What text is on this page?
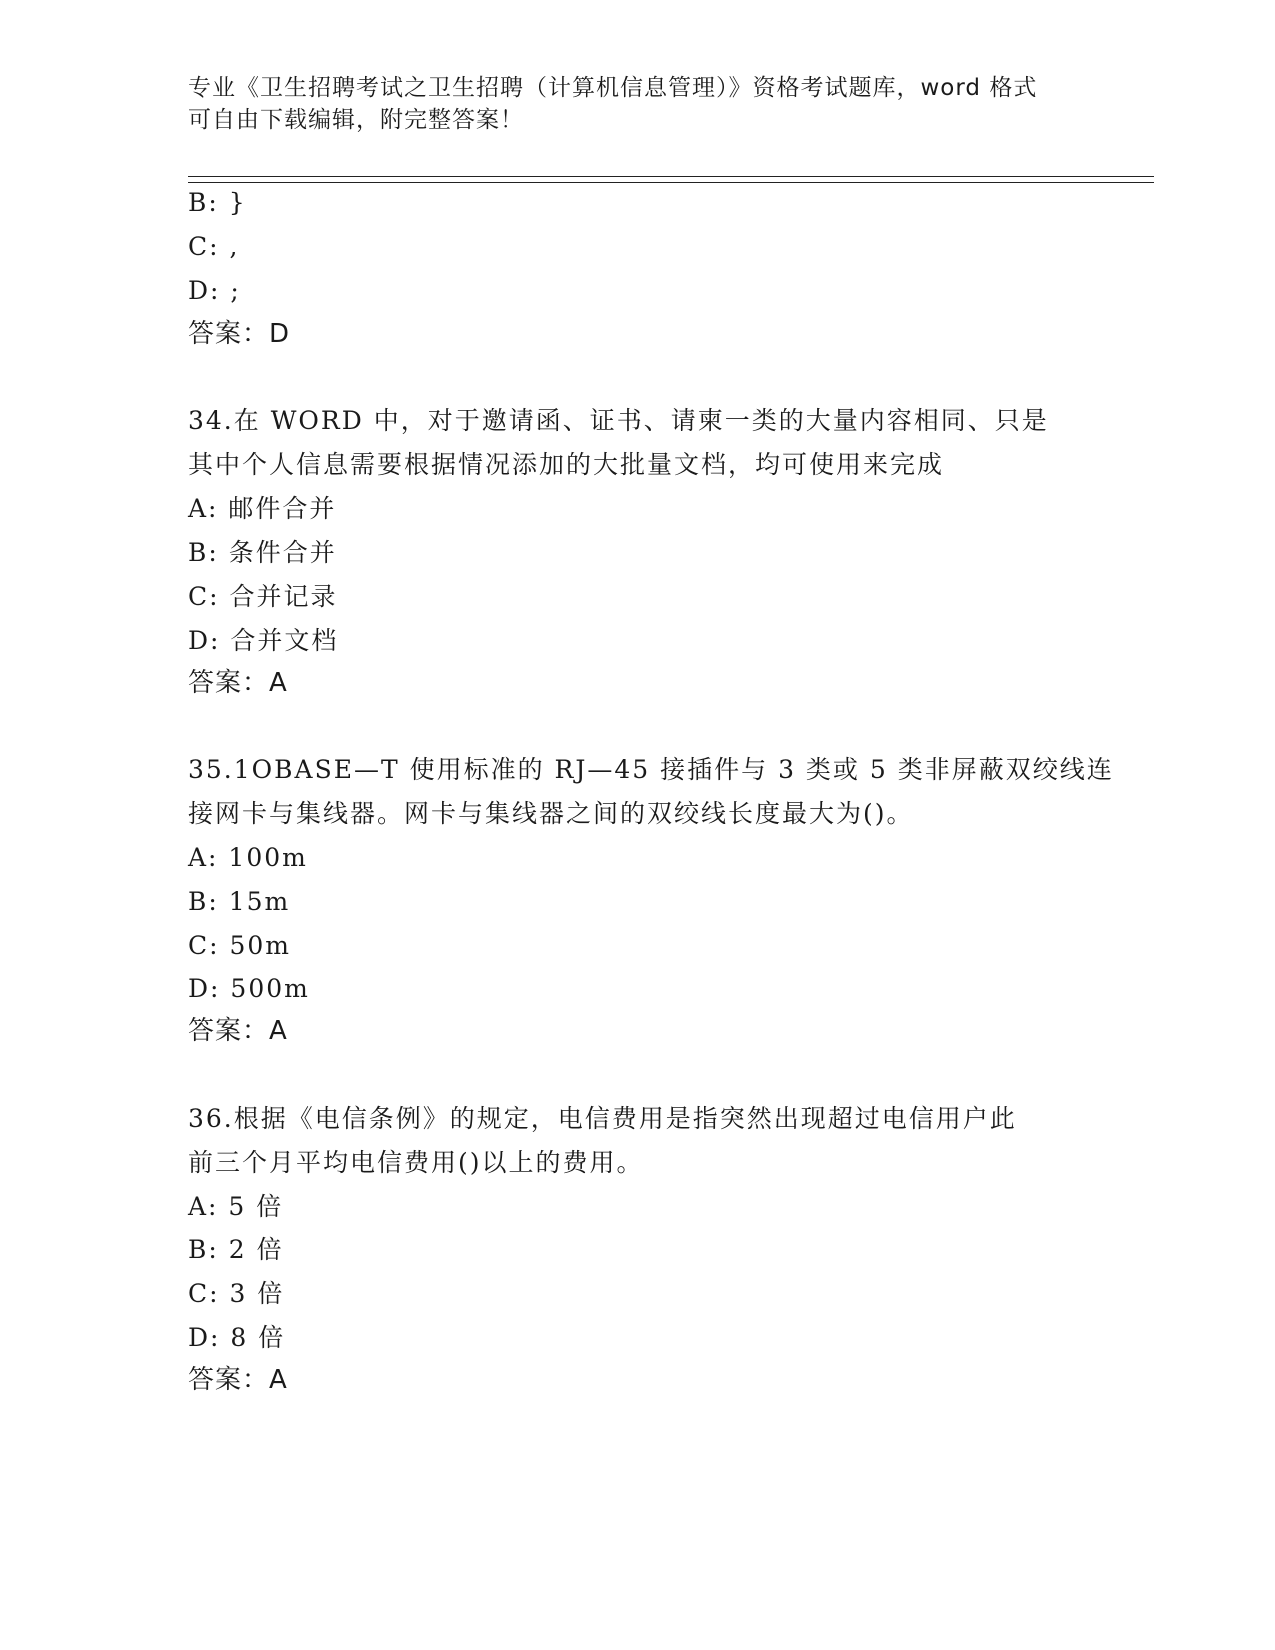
专业《卫生招聘考试之卫生招聘（计算机信息管理）》资格考试题库，word 格式
可自由下载编辑，附完整答案！
B: }
C: ,
D: ;
答案：D
34.在 WORD 中，对于邀请函、证书、请柬一类的大量内容相同、只是
其中个人信息需要根据情况添加的大批量文档，均可使用来完成
A: 邮件合并
B: 条件合并
C: 合并记录
D: 合并文档
答案：A
35.1OBASE—T 使用标准的 RJ—45 接插件与 3 类或 5 类非屏蔽双绞线连
接网卡与集线器。网卡与集线器之间的双绞线长度最大为()。
A: 100m
B: 15m
C: 50m
D: 500m
答案：A
36.根据《电信条例》的规定，电信费用是指突然出现超过电信用户此
前三个月平均电信费用()以上的费用。
A: 5 倍
B: 2 倍
C: 3 倍
D: 8 倍
答案：A
